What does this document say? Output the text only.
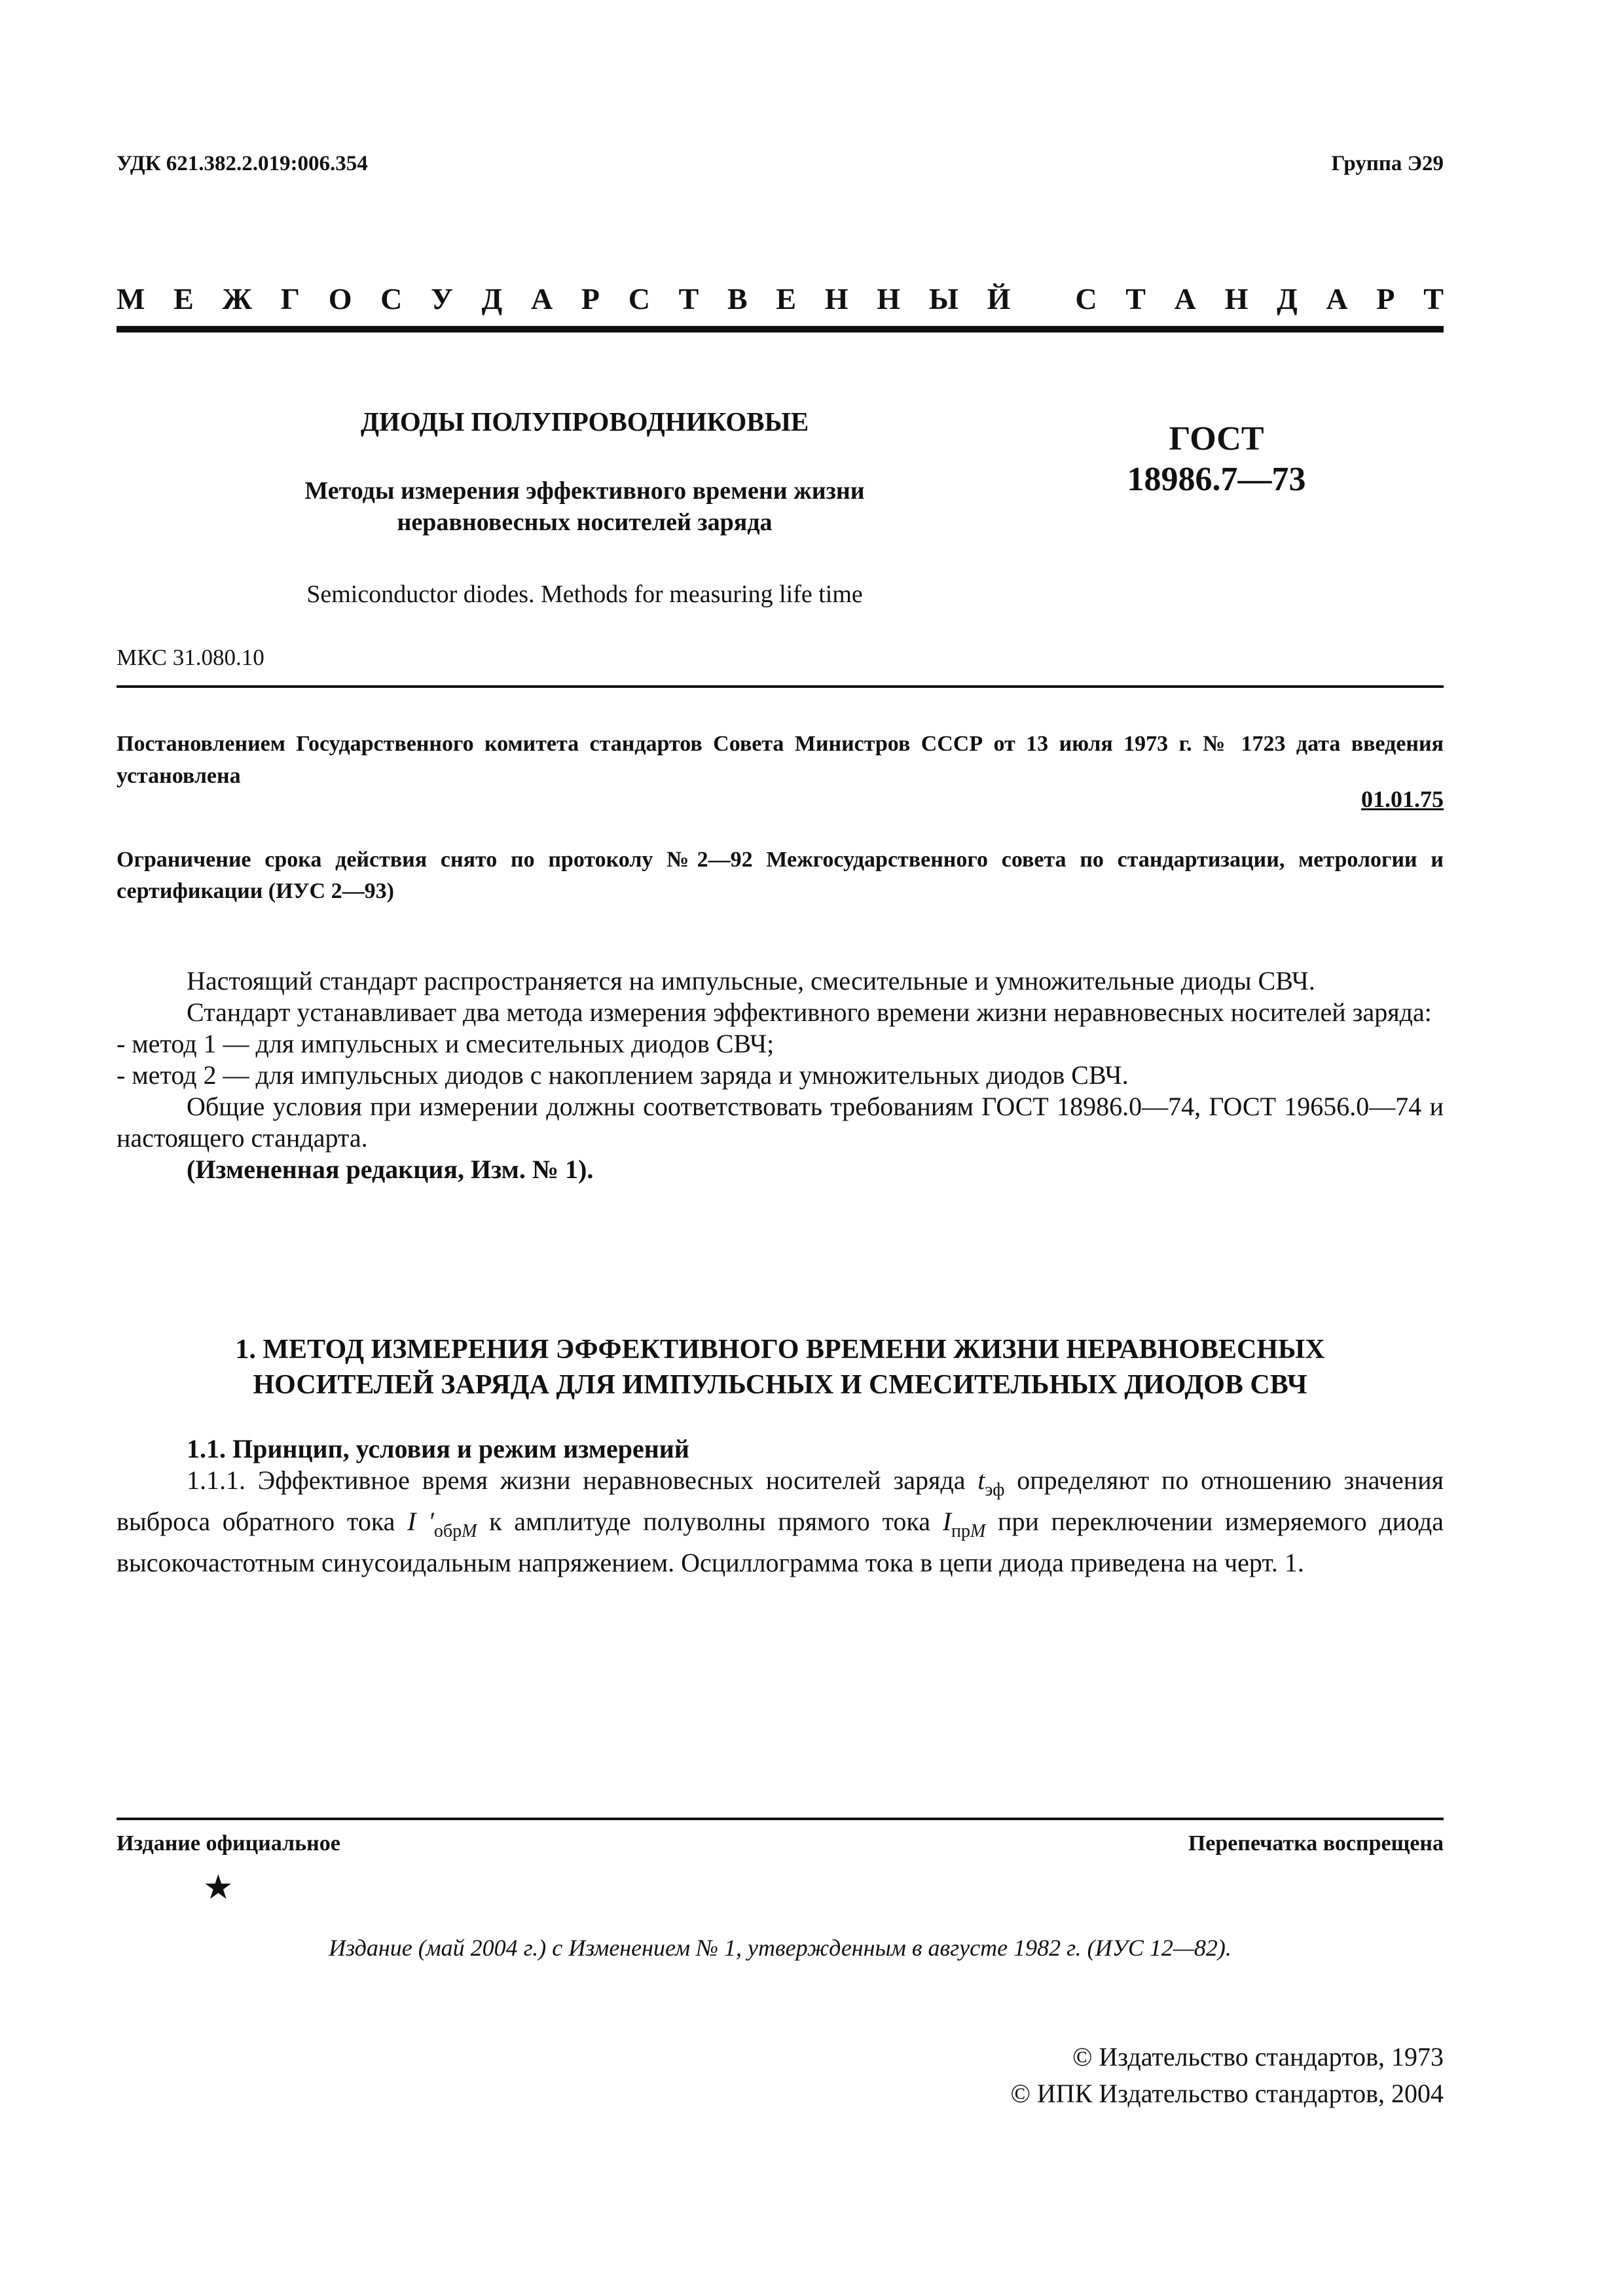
УДК 621.382.2.019:006.354	Группа Э29
М Е Ж Г О С У Д А Р С Т В Е Н Н Ы Й
С Т А Н Д А Р Т
ДИОДЫ ПОЛУПРОВОДНИКОВЫЕ
Методы измерения эффективного времени жизни
неравновесных носителей заряда
Semiconductor diodes. Methods for measuring life time
ГОСТ
18986.7—73
МКС 31.080.10
Постановлением Государственного комитета стандартов Совета Министров СССР от 13 июля 1973 г. № 1723 дата введения установлена
01.01.75
Ограничение срока действия снято по протоколу №2—92 Межгосударственного совета по стандартизации, метрологии и сертификации (ИУС 2—93)

Настоящий стандарт распространяется на импульсные, смесительные и умножительные диоды СВЧ.

Стандарт устанавливает два метода измерения эффективного времени жизни неравновесных носителей заряда:

- метод 1 — для импульсных и смесительных диодов СВЧ;

- метод 2 — для импульсных диодов с накоплением заряда и умножительных диодов СВЧ.

Общие условия при измерении должны соответствовать требованиям ГОСТ 18986.0—74, ГОСТ 19656.0—74 и настоящего стандарта.

(Измененная редакция, Изм. № 1).

1. МЕТОД ИЗМЕРЕНИЯ ЭФФЕКТИВНОГО ВРЕМЕНИ ЖИЗНИ НЕРАВНОВЕСНЫХ
НОСИТЕЛЕЙ ЗАРЯДА ДЛЯ ИМПУЛЬСНЫХ И СМЕСИТЕЛЬНЫХ ДИОДОВ СВЧ
1.1. Принцип, условия и режим измерений
1.1.1. Эффективное время жизни неравновесных носителей заряда $t_{эф}$ определяют по отношению значения выброса обратного тока I $'_{обрM}$ к амплитуде полуволны прямого тока $I_{прM}$ при переключении измеряемого диода высокочастотным синусоидальным напряжением. Осциллограмма тока в цепи диода приведена на черт. 1.
Издание официальное	Перепечатка воспрещена
★
Издание (май 2004 г.) с Изменением № 1, утвержденным в августе 1982 г. (ИУС 12—82).
© Издательство стандартов, 1973
© ИПК Издательство стандартов, 2004
